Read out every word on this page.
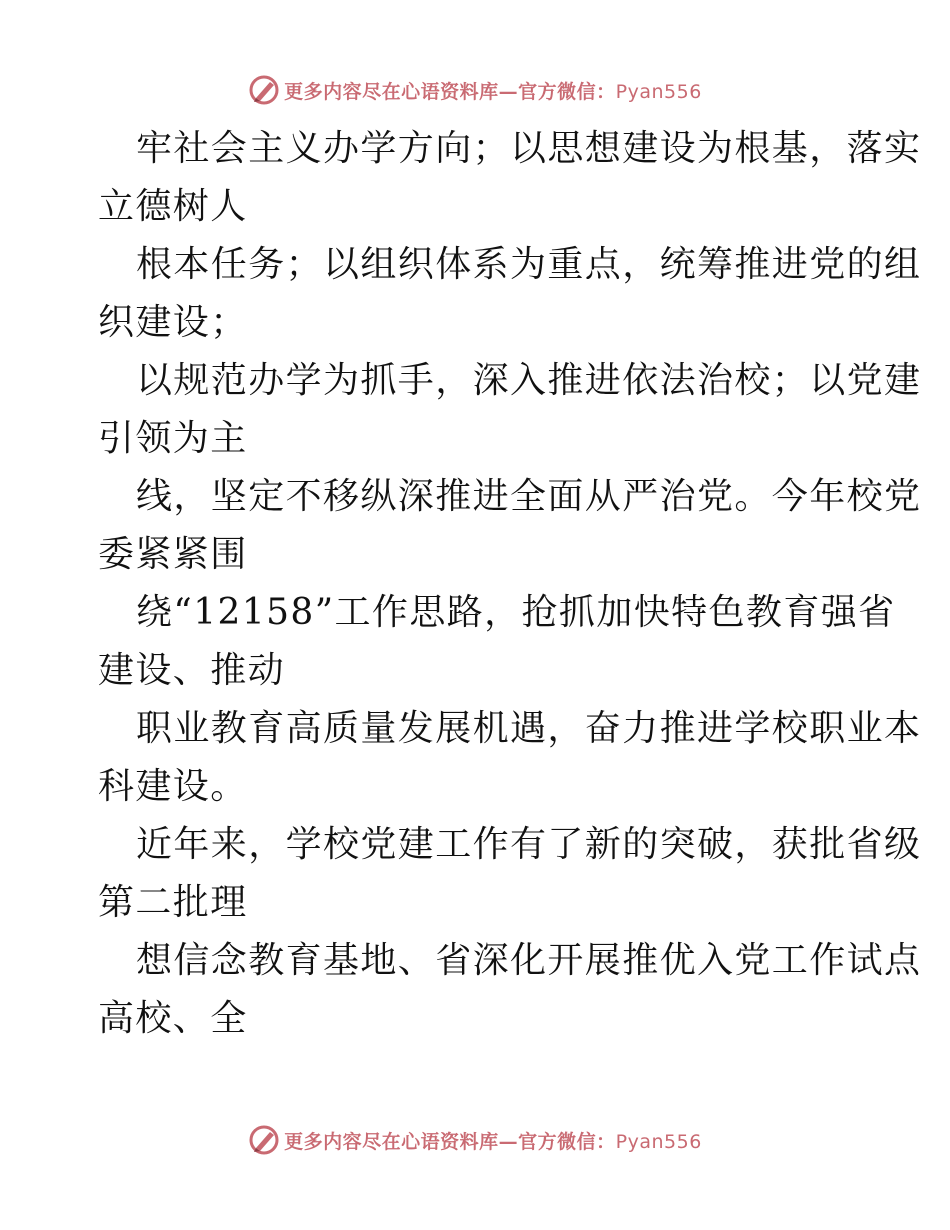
更多内容尽在心语资料库—官方微信：Pyan556
牢社会主义办学方向；以思想建设为根基，落实
立德树人
根本任务；以组织体系为重点，统筹推进党的组
织建设；
以规范办学为抓手，深入推进依法治校；以党建
引领为主
线，坚定不移纵深推进全面从严治党。今年校党
委紧紧围
绕“12158”工作思路，抢抓加快特色教育强省
建设、推动
职业教育高质量发展机遇，奋力推进学校职业本
科建设。
近年来，学校党建工作有了新的突破，获批省级
第二批理
想信念教育基地、省深化开展推优入党工作试点
高校、全
更多内容尽在心语资料库—官方微信：Pyan556
